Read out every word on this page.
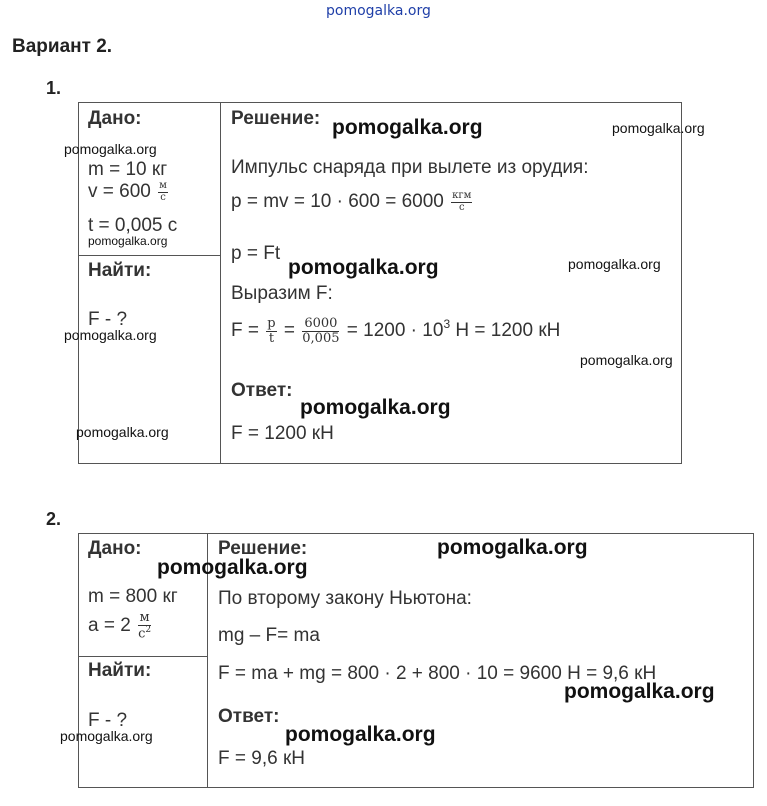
pomogalka.org
Вариант 2.
1.
Дано:
m = 10 кг
$v = 600 \frac{м}{с}$
t = 0,005 с
Найти:
F - ?
Решение:
Импульс снаряда при вылете из орудия:
p = mv = $10 \cdot 600 = 6000 \frac{\text{кгм}}{с}$
p = Ft
Выразим F:
$F = \frac{p}{t} = \frac{6000}{0,005} = 1200 \cdot 10^3$ Н = 1200 кН
Ответ:
F = 1200 кН
2.
Дано:
m = 800 кг
$a = 2 \frac{м}{с^2}$
Найти:
F - ?
Решение:
По второму закону Ньютона:
mg – F= ma
F = ma + mg = 800 · 2 + 800 · 10 = 9600 Н = 9,6 кН
Ответ:
F = 9,6 кН
pomogalka.org	pomogalka.org
pomogalka.org
pomogalka.org
pomogalka.org	pomogalka.org
pomogalka.org
pomogalka.org
pomogalka.org
pomogalka.org
pomogalka.org
pomogalka.org
pomogalka.org
pomogalka.org
pomogalka.org
pomogalka.org
